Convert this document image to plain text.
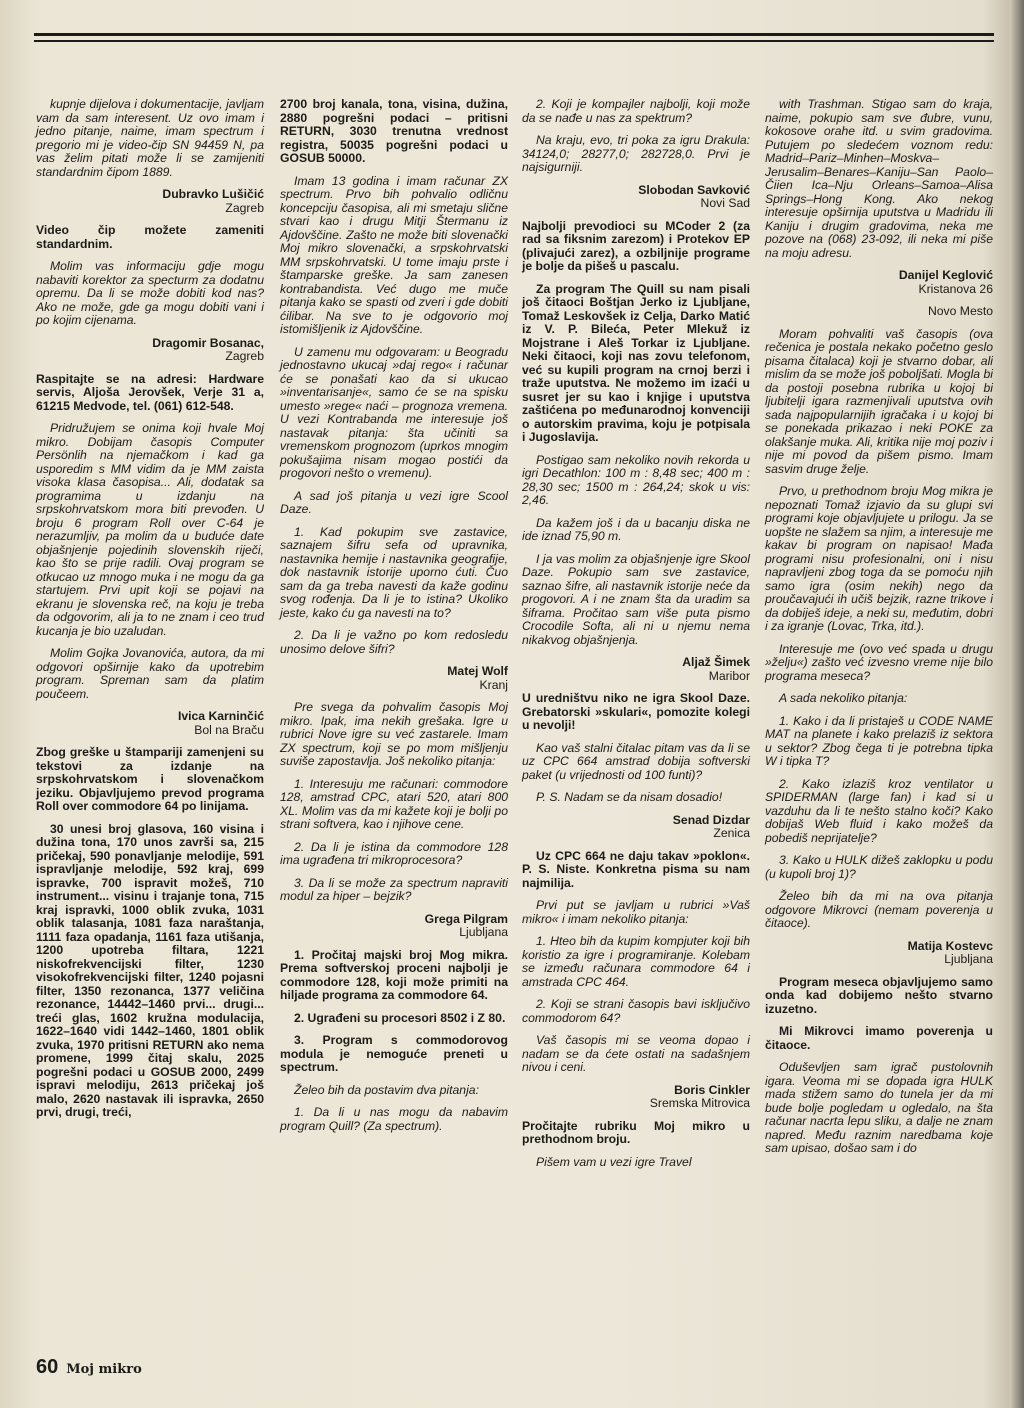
kupnje dijelova i dokumentacije, javljam vam da sam interesent. Uz ovo imam i jedno pitanje, naime, imam spectrum i pregorio mi je video-čip SN 94459 N, pa vas želim pitati može li se zamijeniti standardnim čipom 1889.

Dubravko Lušičić

Zagreb

Video čip možete zameniti standardnim.

Molim vas informaciju gdje mogu nabaviti korektor za specturm za dodatnu opremu. Da li se može dobiti kod nas? Ako ne može, gde ga mogu dobiti vani i po kojim cijenama.

Dragomir Bosanac,

Zagreb

Raspitajte se na adresi: Hardware servis, Aljoša Jerovšek, Verje 31 a, 61215 Medvode, tel. (061) 612-548.

Pridružujem se onima koji hvale Moj mikro. Dobijam časopis Computer Persönlih na njemačkom i kad ga usporedim s MM vidim da je MM zaista visoka klasa časopisa... Ali, dodatak sa programima u izdanju na srpskohrvatskom mora biti prevođen. U broju 6 program Roll over C-64 je nerazumljiv, pa molim da u buduće date objašnjenje pojedinih slovenskih riječi, kao što se prije radili. Ovaj program se otkucao uz mnogo muka i ne mogu da ga startujem. Prvi upit koji se pojavi na ekranu je slovenska reč, na koju je treba da odgovorim, ali ja to ne znam i ceo trud kucanja je bio uzaludan.

Molim Gojka Jovanovića, autora, da mi odgovori opširnije kako da upotrebim program. Spreman sam da platim poučeem.

Ivica Karninčić

Bol na Braču

Zbog greške u štampariji zamenjeni su tekstovi za izdanje na srpskohrvatskom i slovenačkom jeziku. Objavljujemo prevod programa Roll over commodore 64 po linijama.

30 unesi broj glasova, 160 visina i dužina tona, 170 unos završi sa, 215 pričekaj, 590 ponavljanje melodije, 591 ispravljanje melodije, 592 kraj, 699 ispravke, 700 ispravit možeš, 710 instrument... visinu i trajanje tona, 715 kraj ispravki, 1000 oblik zvuka, 1031 oblik talasanja, 1081 faza naraštanja, 1111 faza opadanja, 1161 faza utišanja, 1200 upotreba filtara, 1221 niskofrekvencijski filter, 1230 visokofrekvencijski filter, 1240 pojasni filter, 1350 rezonanca, 1377 veličina rezonance, 14442–1460 prvi... drugi... treći glas, 1602 kružna modulacija, 1622–1640 vidi 1442–1460, 1801 oblik zvuka, 1970 pritisni RETURN ako nema promene, 1999 čitaj skalu, 2025 pogrešni podaci u GOSUB 2000, 2499 ispravi melodiju, 2613 pričekaj još malo, 2620 nastavak ili ispravka, 2650 prvi, drugi, treći,

2700 broj kanala, tona, visina, dužina, 2880 pogrešni podaci – pritisni RETURN, 3030 trenutna vrednost registra, 50035 pogrešni podaci u GOSUB 50000.

Imam 13 godina i imam računar ZX spectrum. Prvo bih pohvalio odličnu koncepciju časopisa, ali mi smetaju slične stvari kao i drugu Mitji Štermanu iz Ajdovščine. Zašto ne može biti slovenački Moj mikro slovenački, a srpskohrvatski MM srpskohrvatski. U tome imaju prste i štamparske greške. Ja sam zanesen kontrabandista. Već dugo me muče pitanja kako se spasti od zveri i gde dobiti ćilibar. Na sve to je odgovorio moj istomišljenik iz Ajdovščine.

U zamenu mu odgovaram: u Beogradu jednostavno ukucaj »daj rego« i računar će se ponašati kao da si ukucao »inventarisanje«, samo će se na spisku umesto »rege« naći – prognoza vremena. U vezi Kontrabanda me interesuje još nastavak pitanja: šta učiniti sa vremenskom prognozom (uprkos mnogim pokušajima nisam mogao postići da progovori nešto o vremenu).

A sad još pitanja u vezi igre Scool Daze.

1. Kad pokupim sve zastavice, saznajem šifru sefa od upravnika, nastavnika hemije i nastavnika geografije, dok nastavnik istorije uporno ćuti. Čuo sam da ga treba navesti da kaže godinu svog rođenja. Da li je to istina? Ukoliko jeste, kako ću ga navesti na to?

2. Da li je važno po kom redosledu unosimo delove šifri?

Matej Wolf

Kranj

Pre svega da pohvalim časopis Moj mikro. Ipak, ima nekih grešaka. Igre u rubrici Nove igre su već zastarele. Imam ZX spectrum, koji se po mom mišljenju suviše zapostavlja. Još nekoliko pitanja:

1. Interesuju me računari: commodore 128, amstrad CPC, atari 520, atari 800 XL. Molim vas da mi kažete koji je bolji po strani softvera, kao i njihove cene.

2. Da li je istina da commodore 128 ima ugrađena tri mikroprocesora?

3. Da li se može za spectrum napraviti modul za hiper – bejzik?

Grega Pilgram

Ljubljana

1. Pročitaj majski broj Mog mikra. Prema softverskoj proceni najbolji je commodore 128, koji može primiti na hiljade programa za commodore 64.

2. Ugrađeni su procesori 8502 i Z 80.

3. Program s commodorovog modula je nemoguće preneti u spectrum.

Želeo bih da postavim dva pitanja:

1. Da li u nas mogu da nabavim program Quill? (Za spectrum).

2. Koji je kompajler najbolji, koji može da se nađe u nas za spektrum?

Na kraju, evo, tri poka za igru Drakula: 34124,0; 28277,0; 282728,0. Prvi je najsigurniji.

Slobodan Savković

Novi Sad

Najbolji prevodioci su MCoder 2 (za rad sa fiksnim zarezom) i Protekov EP (plivajući zarez), a ozbiljnije programe je bolje da pišeš u pascalu.

Za program The Quill su nam pisali još čitaoci Boštjan Jerko iz Ljubljane, Tomaž Leskovšek iz Celja, Darko Matić iz V. P. Bileća, Peter Mlekuž iz Mojstrane i Aleš Torkar iz Ljubljane. Neki čitaoci, koji nas zovu telefonom, već su kupili program na crnoj berzi i traže uputstva. Ne možemo im izaći u susret jer su kao i knjige i uputstva zaštićena po međunarodnoj konvenciji o autorskim pravima, koju je potpisala i Jugoslavija.

Postigao sam nekoliko novih rekorda u igri Decathlon: 100 m : 8,48 sec; 400 m : 28,30 sec; 1500 m : 264,24; skok u vis: 2,46.

Da kažem još i da u bacanju diska ne ide iznad 75,90 m.

I ja vas molim za objašnjenje igre Skool Daze. Pokupio sam sve zastavice, saznao šifre, ali nastavnik istorije neće da progovori. A i ne znam šta da uradim sa šiframa. Pročitao sam više puta pismo Crocodile Softa, ali ni u njemu nema nikakvog objašnjenja.

Aljaž Šimek

Maribor

U uredništvu niko ne igra Skool Daze. Grebatorski »skulari«, pomozite kolegi u nevolji!

Kao vaš stalni čitalac pitam vas da li se uz CPC 664 amstrad dobija softverski paket (u vrijednosti od 100 funti)?

P. S. Nadam se da nisam dosadio!

Senad Dizdar

Zenica

Uz CPC 664 ne daju takav »poklon«. P. S. Niste. Konkretna pisma su nam najmilija.

Prvi put se javljam u rubrici »Vaš mikro« i imam nekoliko pitanja:

1. Hteo bih da kupim kompjuter koji bih koristio za igre i programiranje. Kolebam se između računara commodore 64 i amstrada CPC 464.

2. Koji se strani časopis bavi isključivo commodorom 64?

Vaš časopis mi se veoma dopao i nadam se da ćete ostati na sadašnjem nivou i ceni.

Boris Cinkler

Sremska Mitrovica

Pročitajte rubriku Moj mikro u prethodnom broju.

Pišem vam u vezi igre Travel

with Trashman. Stigao sam do kraja, naime, pokupio sam sve đubre, vunu, kokosove orahe itd. u svim gradovima. Putujem po sledećem voznom redu: Madrid–Pariz–Minhen–Moskva–Jerusalim–Benares–Kaniju–San Paolo–Čiien Ica–Nju Orleans–Samoa–Alisa Springs–Hong Kong. Ako nekog interesuje opširnija uputstva u Madridu ili Kaniju i drugim gradovima, neka me pozove na (068) 23-092, ili neka mi piše na moju adresu.

Danijel Keglović

Kristanova 26

Novo Mesto

Moram pohvaliti vaš časopis (ova rečenica je postala nekako početno geslo pisama čitalaca) koji je stvarno dobar, ali mislim da se može još poboljšati. Mogla bi da postoji posebna rubrika u kojoj bi ljubitelji igara razmenjivali uputstva ovih sada najpopularnijih igračaka i u kojoj bi se ponekada prikazao i neki POKE za olakšanje muka. Ali, kritika nije moj poziv i nije mi povod da pišem pismo. Imam sasvim druge želje.

Prvo, u prethodnom broju Mog mikra je nepoznati Tomaž izjavio da su glupi svi programi koje objavljujete u prilogu. Ja se uopšte ne slažem sa njim, a interesuje me kakav bi program on napisao! Mađa programi nisu profesionalni, oni i nisu napravljeni zbog toga da se pomoću njih samo igra (osim nekih) nego da proučavajući ih učiš bejzik, razne trikove i da dobiješ ideje, a neki su, međutim, dobri i za igranje (Lovac, Trka, itd.).

Interesuje me (ovo već spada u drugu »želju«) zašto već izvesno vreme nije bilo programa meseca?

A sada nekoliko pitanja:

1. Kako i da li pristaješ u CODE NAME MAT na planete i kako prelaziš iz sektora u sektor? Zbog čega ti je potrebna tipka W i tipka T?

2. Kako izlaziš kroz ventilator u SPIDERMAN (large fan) i kad si u vazduhu da li te nešto stalno koči? Kako dobijaš Web fluid i kako možeš da pobediš neprijatelje?

3. Kako u HULK dižeš zaklopku u podu (u kupoli broj 1)?

Želeo bih da mi na ova pitanja odgovore Mikrovci (nemam poverenja u čitaoce).

Matija Kostevc

Ljubljana

Program meseca objavljujemo samo onda kad dobijemo nešto stvarno izuzetno.

Mi Mikrovci imamo poverenja u čitaoce.

Oduševljen sam igrač pustolovnih igara. Veoma mi se dopada igra HULK mada stižem samo do tunela jer da mi bude bolje pogledam u ogledalo, na šta računar nacrta lepu sliku, a dalje ne znam napred. Među raznim naredbama koje sam upisao, došao sam i do

60 Moj mikro
